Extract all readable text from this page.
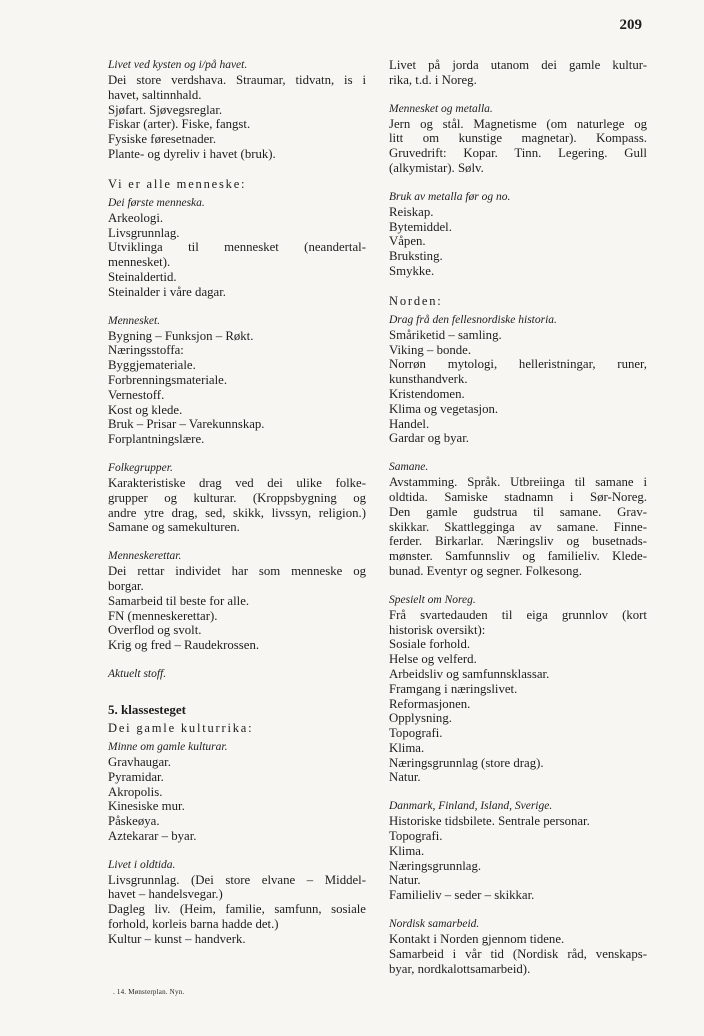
209
Livet ved kysten og i/på havet.
Dei store verdshava. Straumar, tidvatn, is i
havet, saltinnhald.
Sjøfart. Sjøvegsreglar.
Fiskar (arter). Fiske, fangst.
Fysiske føresetnader.
Plante- og dyreliv i havet (bruk).
Vi er alle menneske:
Dei første menneska.
Arkeologi.
Livsgrunnlag.
Utviklinga til mennesket (neandertal-
mennesket).
Steinaldertid.
Steinalder i våre dagar.
Mennesket.
Bygning – Funksjon – Røkt.
Næringsstoffa:
Byggjemateriale.
Forbrenningsmateriale.
Vernestoff.
Kost og klede.
Bruk – Prisar – Varekunnskap.
Forplantningslære.
Folkegrupper.
Karakteristiske drag ved dei ulike folke-
grupper og kulturar. (Kroppsbygning og
andre ytre drag, sed, skikk, livssyn, religion.)
Samane og samekulturen.
Menneskerettar.
Dei rettar individet har som menneske og
borgar.
Samarbeid til beste for alle.
FN (menneskerettar).
Overflod og svolt.
Krig og fred – Raudekrossen.
Aktuelt stoff.
5. klassesteget
Dei gamle kulturrika:
Minne om gamle kulturar.
Gravhaugar.
Pyramidar.
Akropolis.
Kinesiske mur.
Påskeøya.
Aztekarar – byar.
Livet i oldtida.
Livsgrunnlag. (Dei store elvane – Middel-
havet – handelsvegar.)
Dagleg liv. (Heim, familie, samfunn, sosiale
forhold, korleis barna hadde det.)
Kultur – kunst – handverk.
Livet på jorda utanom dei gamle kultur-
rika, t.d. i Noreg.
Mennesket og metalla.
Jern og stål. Magnetisme (om naturlege og
litt om kunstige magnetar). Kompass.
Gruvedrift: Kopar. Tinn. Legering. Gull
(alkymistar). Sølv.
Bruk av metalla før og no.
Reiskap.
Bytemiddel.
Våpen.
Bruksting.
Smykke.
Norden:
Drag frå den fellesnordiske historia.
Småriketid – samling.
Viking – bonde.
Norrøn mytologi, helleristningar, runer,
kunsthandverk.
Kristendomen.
Klima og vegetasjon.
Handel.
Gardar og byar.
Samane.
Avstamming. Språk. Utbreiinga til samane i
oldtida. Samiske stadnamn i Sør-Noreg.
Den gamle gudstrua til samane. Grav-
skikkar. Skattlegginga av samane. Finne-
ferder. Birkarlar. Næringsliv og busetnads-
mønster. Samfunnsliv og familieliv. Klede-
bunad. Eventyr og segner. Folkesong.
Spesielt om Noreg.
Frå svartedauden til eiga grunnlov (kort
historisk oversikt):
Sosiale forhold.
Helse og velferd.
Arbeidsliv og samfunnsklassar.
Framgang i næringslivet.
Reformasjonen.
Opplysning.
Topografi.
Klima.
Næringsgrunnlag (store drag).
Natur.
Danmark, Finland, Island, Sverige.
Historiske tidsbilete. Sentrale personar.
Topografi.
Klima.
Næringsgrunnlag.
Natur.
Familieliv – seder – skikkar.
Nordisk samarbeid.
Kontakt i Norden gjennom tidene.
Samarbeid i vår tid (Nordisk råd, venskaps-
byar, nordkalottsamarbeid).
. 14. Mønsterplan. Nyn.
